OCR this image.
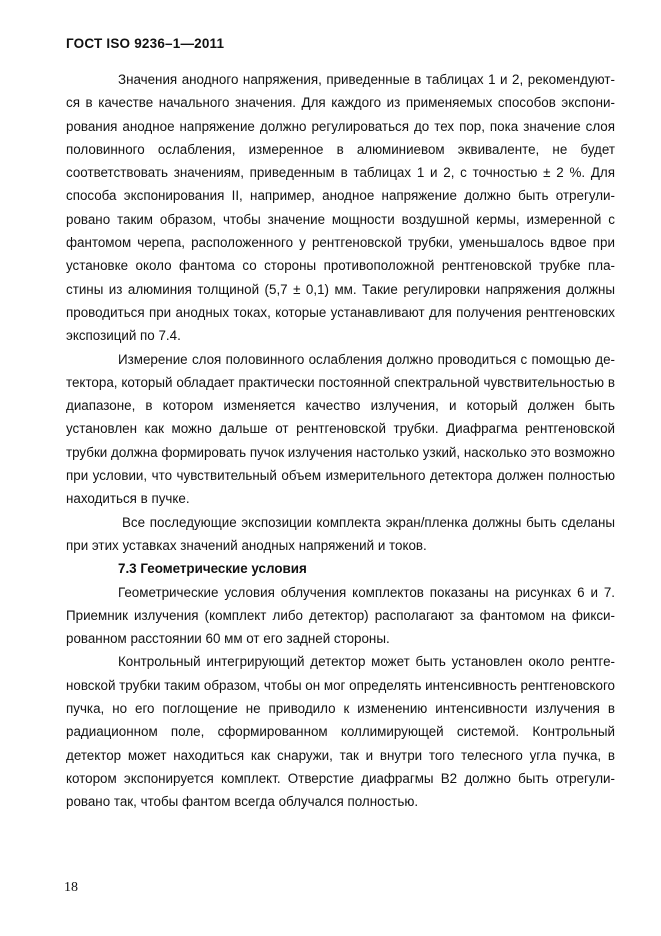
ГОСТ ISO 9236–1—2011

Значения анодного напряжения, приведенные в таблицах 1 и 2, рекомендуются в качестве начального значения. Для каждого из применяемых способов экспонирования анодное напряжение должно регулироваться до тех пор, пока значение слоя половинного ослабления, измеренное в алюминиевом эквиваленте, не будет соответствовать значениям, приведенным в таблицах 1 и 2, с точностью ± 2 %. Для способа экспонирования II, например, анодное напряжение должно быть отрегулировано таким образом, чтобы значение мощности воздушной кермы, измеренной с фантомом черепа, расположенного у рентгеновской трубки, уменьшалось вдвое при установке около фантома со стороны противоположной рентгеновской трубке пластины из алюминия толщиной (5,7 ± 0,1) мм. Такие регулировки напряжения должны проводиться при анодных токах, которые устанавливают для получения рентгеновских экспозиций по 7.4.

Измерение слоя половинного ослабления должно проводиться с помощью детектора, который обладает практически постоянной спектральной чувствительностью в диапазоне, в котором изменяется качество излучения, и который должен быть установлен как можно дальше от рентгеновской трубки. Диафрагма рентгеновской трубки должна формировать пучок излучения настолько узкий, насколько это возможно при условии, что чувствительный объем измерительного детектора должен полностью находиться в пучке.

Все последующие экспозиции комплекта экран/пленка должны быть сделаны при этих уставках значений анодных напряжений и токов.

7.3 Геометрические условия

Геометрические условия облучения комплектов показаны на рисунках 6 и 7. Приемник излучения (комплект либо детектор) располагают за фантомом на фиксированном расстоянии 60 мм от его задней стороны.

Контрольный интегрирующий детектор может быть установлен около рентгеновской трубки таким образом, чтобы он мог определять интенсивность рентгеновского пучка, но его поглощение не приводило к изменению интенсивности излучения в радиационном поле, сформированном коллимирующей системой. Контрольный детектор может находиться как снаружи, так и внутри того телесного угла пучка, в котором экспонируется комплект. Отверстие диафрагмы В2 должно быть отрегулировано так, чтобы фантом всегда облучался полностью.

18
